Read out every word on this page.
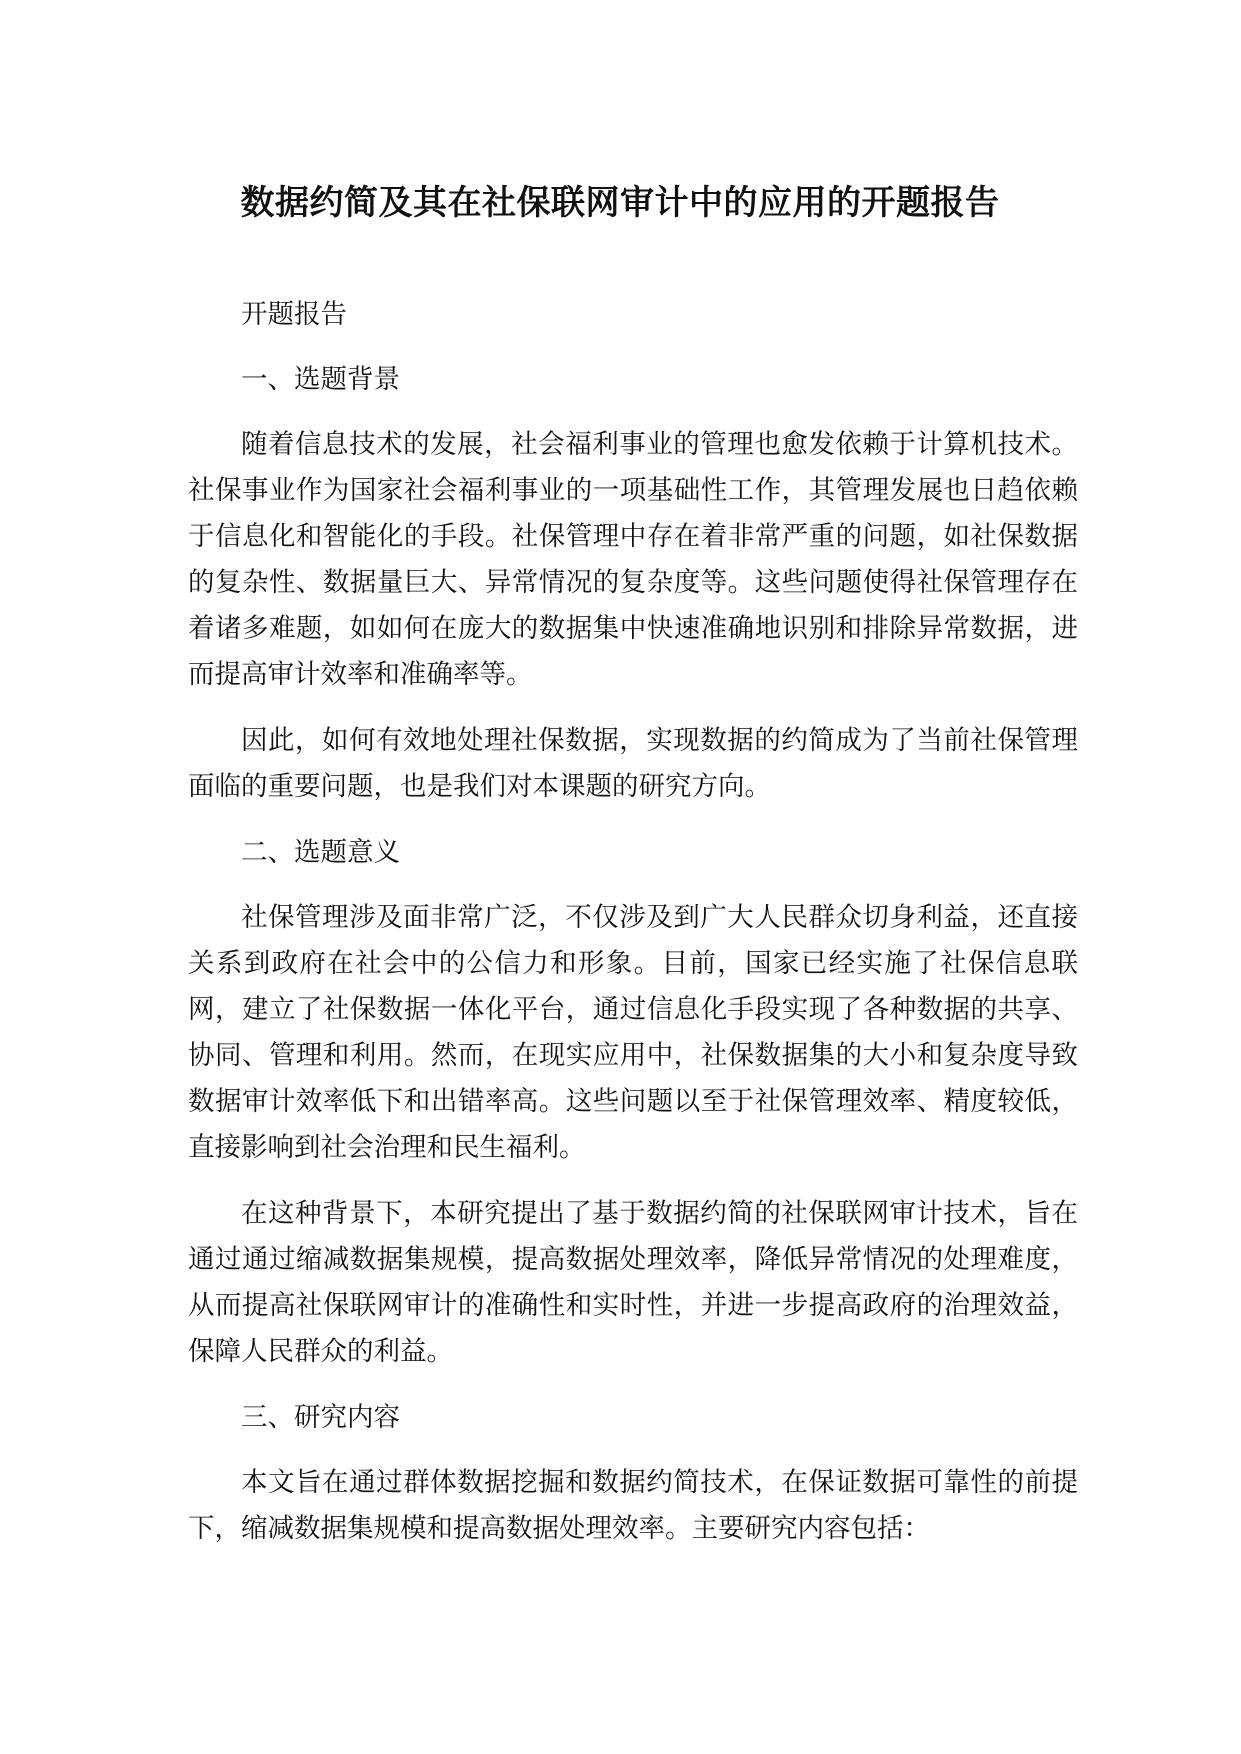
数据约简及其在社保联网审计中的应用的开题报告

开题报告

一、选题背景

随着信息技术的发展，社会福利事业的管理也愈发依赖于计算机技术。社保事业作为国家社会福利事业的一项基础性工作，其管理发展也日趋依赖于信息化和智能化的手段。社保管理中存在着非常严重的问题，如社保数据的复杂性、数据量巨大、异常情况的复杂度等。这些问题使得社保管理存在着诸多难题，如如何在庞大的数据集中快速准确地识别和排除异常数据，进而提高审计效率和准确率等。

因此，如何有效地处理社保数据，实现数据的约简成为了当前社保管理面临的重要问题，也是我们对本课题的研究方向。

二、选题意义

社保管理涉及面非常广泛，不仅涉及到广大人民群众切身利益，还直接关系到政府在社会中的公信力和形象。目前，国家已经实施了社保信息联网，建立了社保数据一体化平台，通过信息化手段实现了各种数据的共享、协同、管理和利用。然而，在现实应用中，社保数据集的大小和复杂度导致数据审计效率低下和出错率高。这些问题以至于社保管理效率、精度较低，直接影响到社会治理和民生福利。

在这种背景下，本研究提出了基于数据约简的社保联网审计技术，旨在通过通过缩减数据集规模，提高数据处理效率，降低异常情况的处理难度，从而提高社保联网审计的准确性和实时性，并进一步提高政府的治理效益，保障人民群众的利益。

三、研究内容

本文旨在通过群体数据挖掘和数据约简技术，在保证数据可靠性的前提下，缩减数据集规模和提高数据处理效率。主要研究内容包括：
